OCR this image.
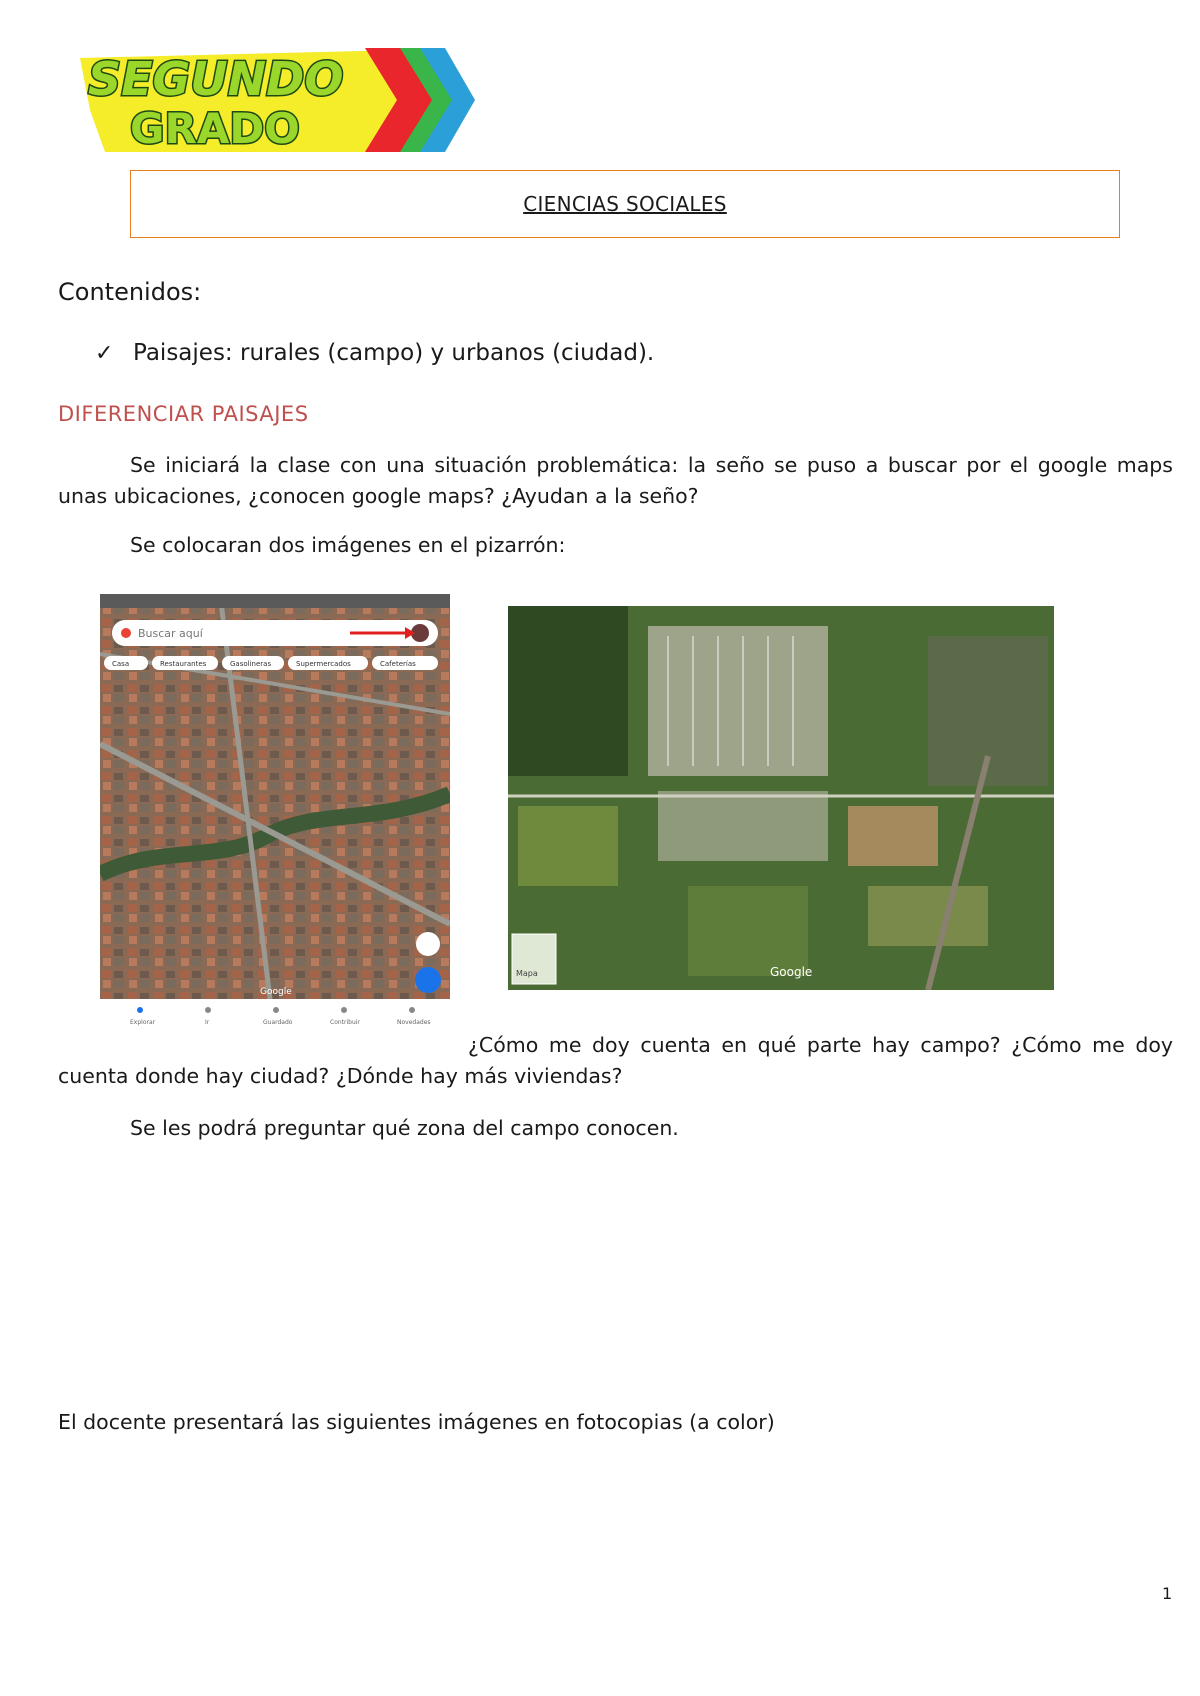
SEGUNDO
GRADO
CIENCIAS SOCIALES
Contenidos:
✓ Paisajes: rurales (campo) y urbanos (ciudad).
DIFERENCIAR PAISAJES
Se iniciará la clase con una situación problemática: la seño se puso a buscar por el google maps unas ubicaciones, ¿conocen google maps? ¿Ayudan a la seño?
Se colocaran dos imágenes en el pizarrón:
Buscar aquí
Casa	Restaurantes	Gasolineras	Supermercados	Cafeterías
Google
Explorar	Ir	Guardado	Contribuir	Novedades
Mapa	Google
¿Cómo me doy cuenta en qué parte hay campo? ¿Cómo me doy cuenta donde hay ciudad? ¿Dónde hay más viviendas?
Se les podrá preguntar qué zona del campo conocen.
El docente presentará las siguientes imágenes en fotocopias (a color)
1
